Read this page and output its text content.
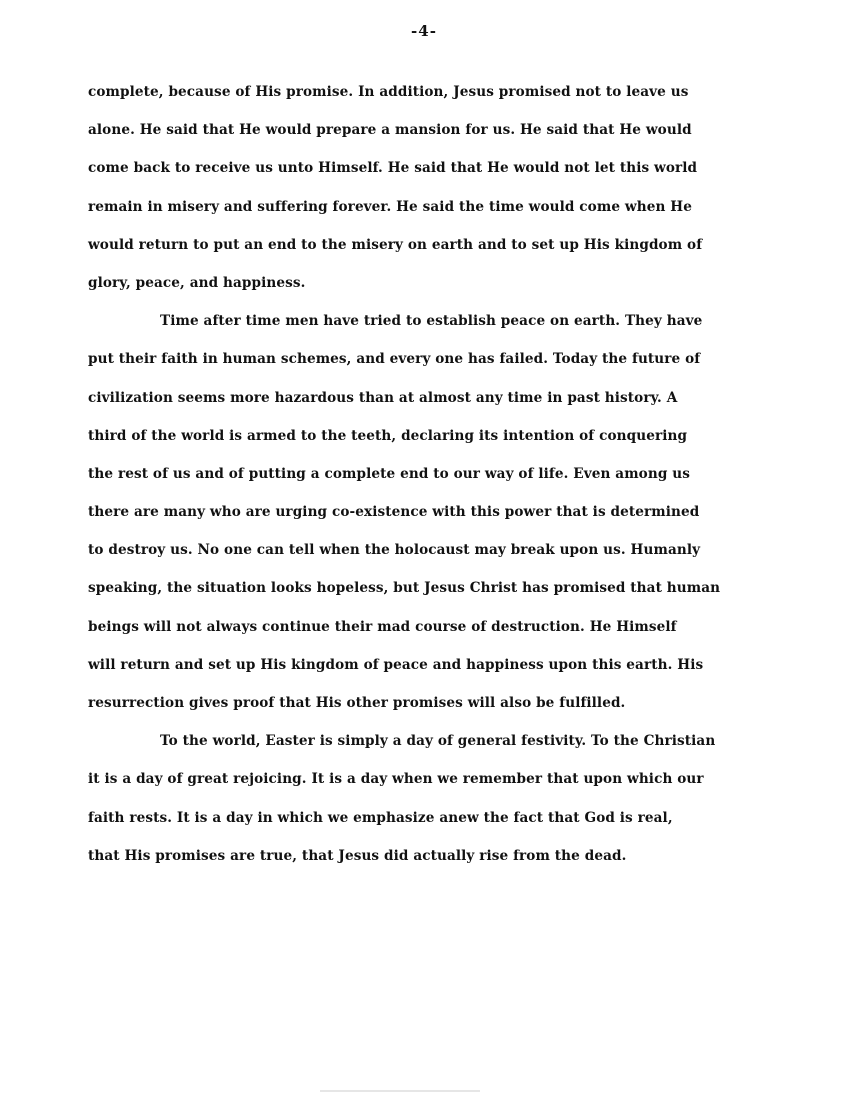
-4-
complete, because of His promise. In addition, Jesus promised not to leave us
alone. He said that He would prepare a mansion for us. He said that He would
come back to receive us unto Himself. He said that He would not let this world
remain in misery and suffering forever. He said the time would come when He
would return to put an end to the misery on earth and to set up His kingdom of
glory, peace, and happiness.
Time after time men have tried to establish peace on earth. They have
put their faith in human schemes, and every one has failed. Today the future of
civilization seems more hazardous than at almost any time in past history. A
third of the world is armed to the teeth, declaring its intention of conquering
the rest of us and of putting a complete end to our way of life. Even among us
there are many who are urging co-existence with this power that is determined
to destroy us. No one can tell when the holocaust may break upon us. Humanly
speaking, the situation looks hopeless, but Jesus Christ has promised that human
beings will not always continue their mad course of destruction. He Himself
will return and set up His kingdom of peace and happiness upon this earth. His
resurrection gives proof that His other promises will also be fulfilled.
To the world, Easter is simply a day of general festivity. To the Christian
it is a day of great rejoicing. It is a day when we remember that upon which our
faith rests. It is a day in which we emphasize anew the fact that God is real,
that His promises are true, that Jesus did actually rise from the dead.
